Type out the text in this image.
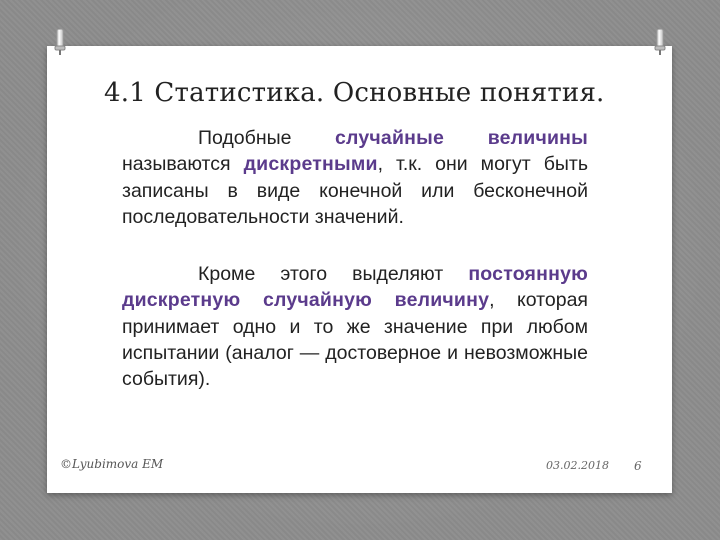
4.1 Статистика. Основные понятия.

Подобные случайные величины называются дискретными, т.к. они могут быть записаны в виде конечной или бесконечной последовательности значений.

Кроме этого выделяют постоянную дискретную случайную величину, которая принимает одно и то же значение при любом испытании (аналог — достоверное и невозможные события).

©Lyubimova EM	03.02.2018 6
